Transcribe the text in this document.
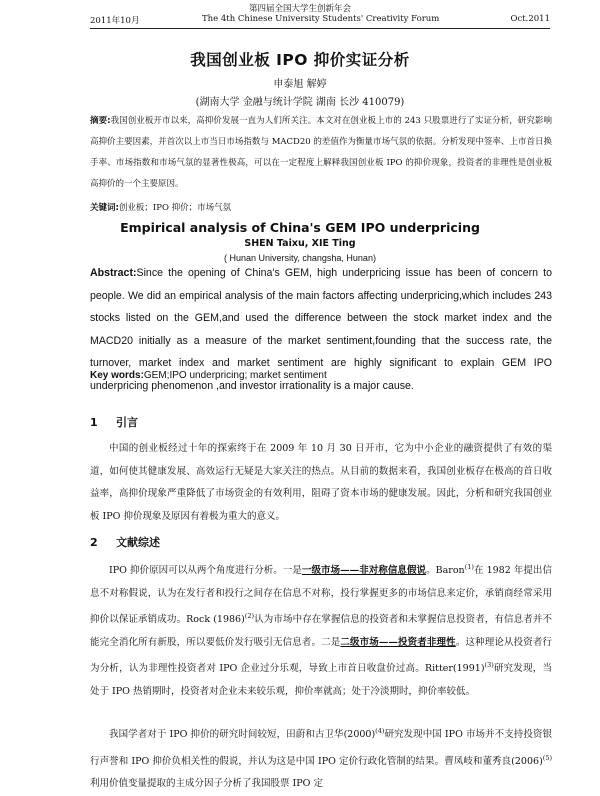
第四届全国大学生创新年会
2011年10月	The 4th Chinese University Students' Creativity Forum	Oct.2011
我国创业板 IPO 抑价实证分析
申泰旭 解婷
(湖南大学 金融与统计学院 湖南 长沙 410079)
摘要:我国创业板开市以来，高抑价发展一直为人们所关注。本文对在创业板上市的 243 只股票进行了实证分析，研究影响高抑价主要因素，并首次以上市当日市场指数与 MACD20 的差值作为衡量市场气氛的依据。分析发现中签率、上市首日换手率、市场指数和市场气氛的显著性极高，可以在一定程度上解释我国创业板 IPO 的抑价现象，投资者的非理性是创业板高抑价的一个主要原因。
关键词:创业板；IPO 抑价；市场气氛
Empirical analysis of China's GEM IPO underpricing
SHEN Taixu, XIE Ting
( Hunan University, changsha, Hunan)
Abstract:Since the opening of China's GEM, high underpricing issue has been of concern to people. We did an empirical analysis of the main factors affecting underpricing,which includes 243 stocks listed on the GEM,and used the difference between the stock market index and the MACD20 initially as a measure of the market sentiment,founding that the success rate, the turnover, market index and market sentiment are highly significant to explain GEM IPO underpricing phenomenon ,and investor irrationality is a major cause.
Key words:GEM;IPO underpricing; market sentiment
1 引言
中国的创业板经过十年的探索终于在 2009 年 10 月 30 日开市，它为中小企业的融资提供了有效的渠道，如何使其健康发展、高效运行无疑是大家关注的热点。从目前的数据来看，我国创业板存在极高的首日收益率，高抑价现象严重降低了市场资金的有效利用，阻碍了资本市场的健康发展。因此，分析和研究我国创业板 IPO 抑价现象及原因有着极为重大的意义。
2 文献综述
IPO 抑价原因可以从两个角度进行分析。一是一级市场——非对称信息假说。Baron$^{(1)}$在 1982 年提出信息不对称假说，认为在发行者和投行之间存在信息不对称，投行掌握更多的市场信息来定价，承销商经常采用抑价以保证承销成功。Rock $(1986)^{(2)}$认为市场中存在掌握信息的投资者和未掌握信息投资者，有信息者并不能完全消化所有新股，所以要低价发行吸引无信息者。二是二级市场——投资者非理性。这种理论从投资者行为分析，认为非理性投资者对 IPO 企业过分乐观，导致上市首日收盘价过高。$Ritter(1991)^{(3)}$研究发现，当处于 IPO 热销期时，投资者对企业未来较乐观，抑价率就高；处于冷淡期时，抑价率较低。
我国学者对于 IPO 抑价的研究时间较短，田蔚和古卫华$(2000)^{(4)}$研究发现中国 IPO 市场并不支持投资银行声誉和 IPO 抑价负相关性的假说，并认为这是中国 IPO 定价行政化管制的结果。曹凤岐和董秀良$(2006)^{(5)}$利用价值变量提取的主成分因子分析了我国股票 IPO 定
